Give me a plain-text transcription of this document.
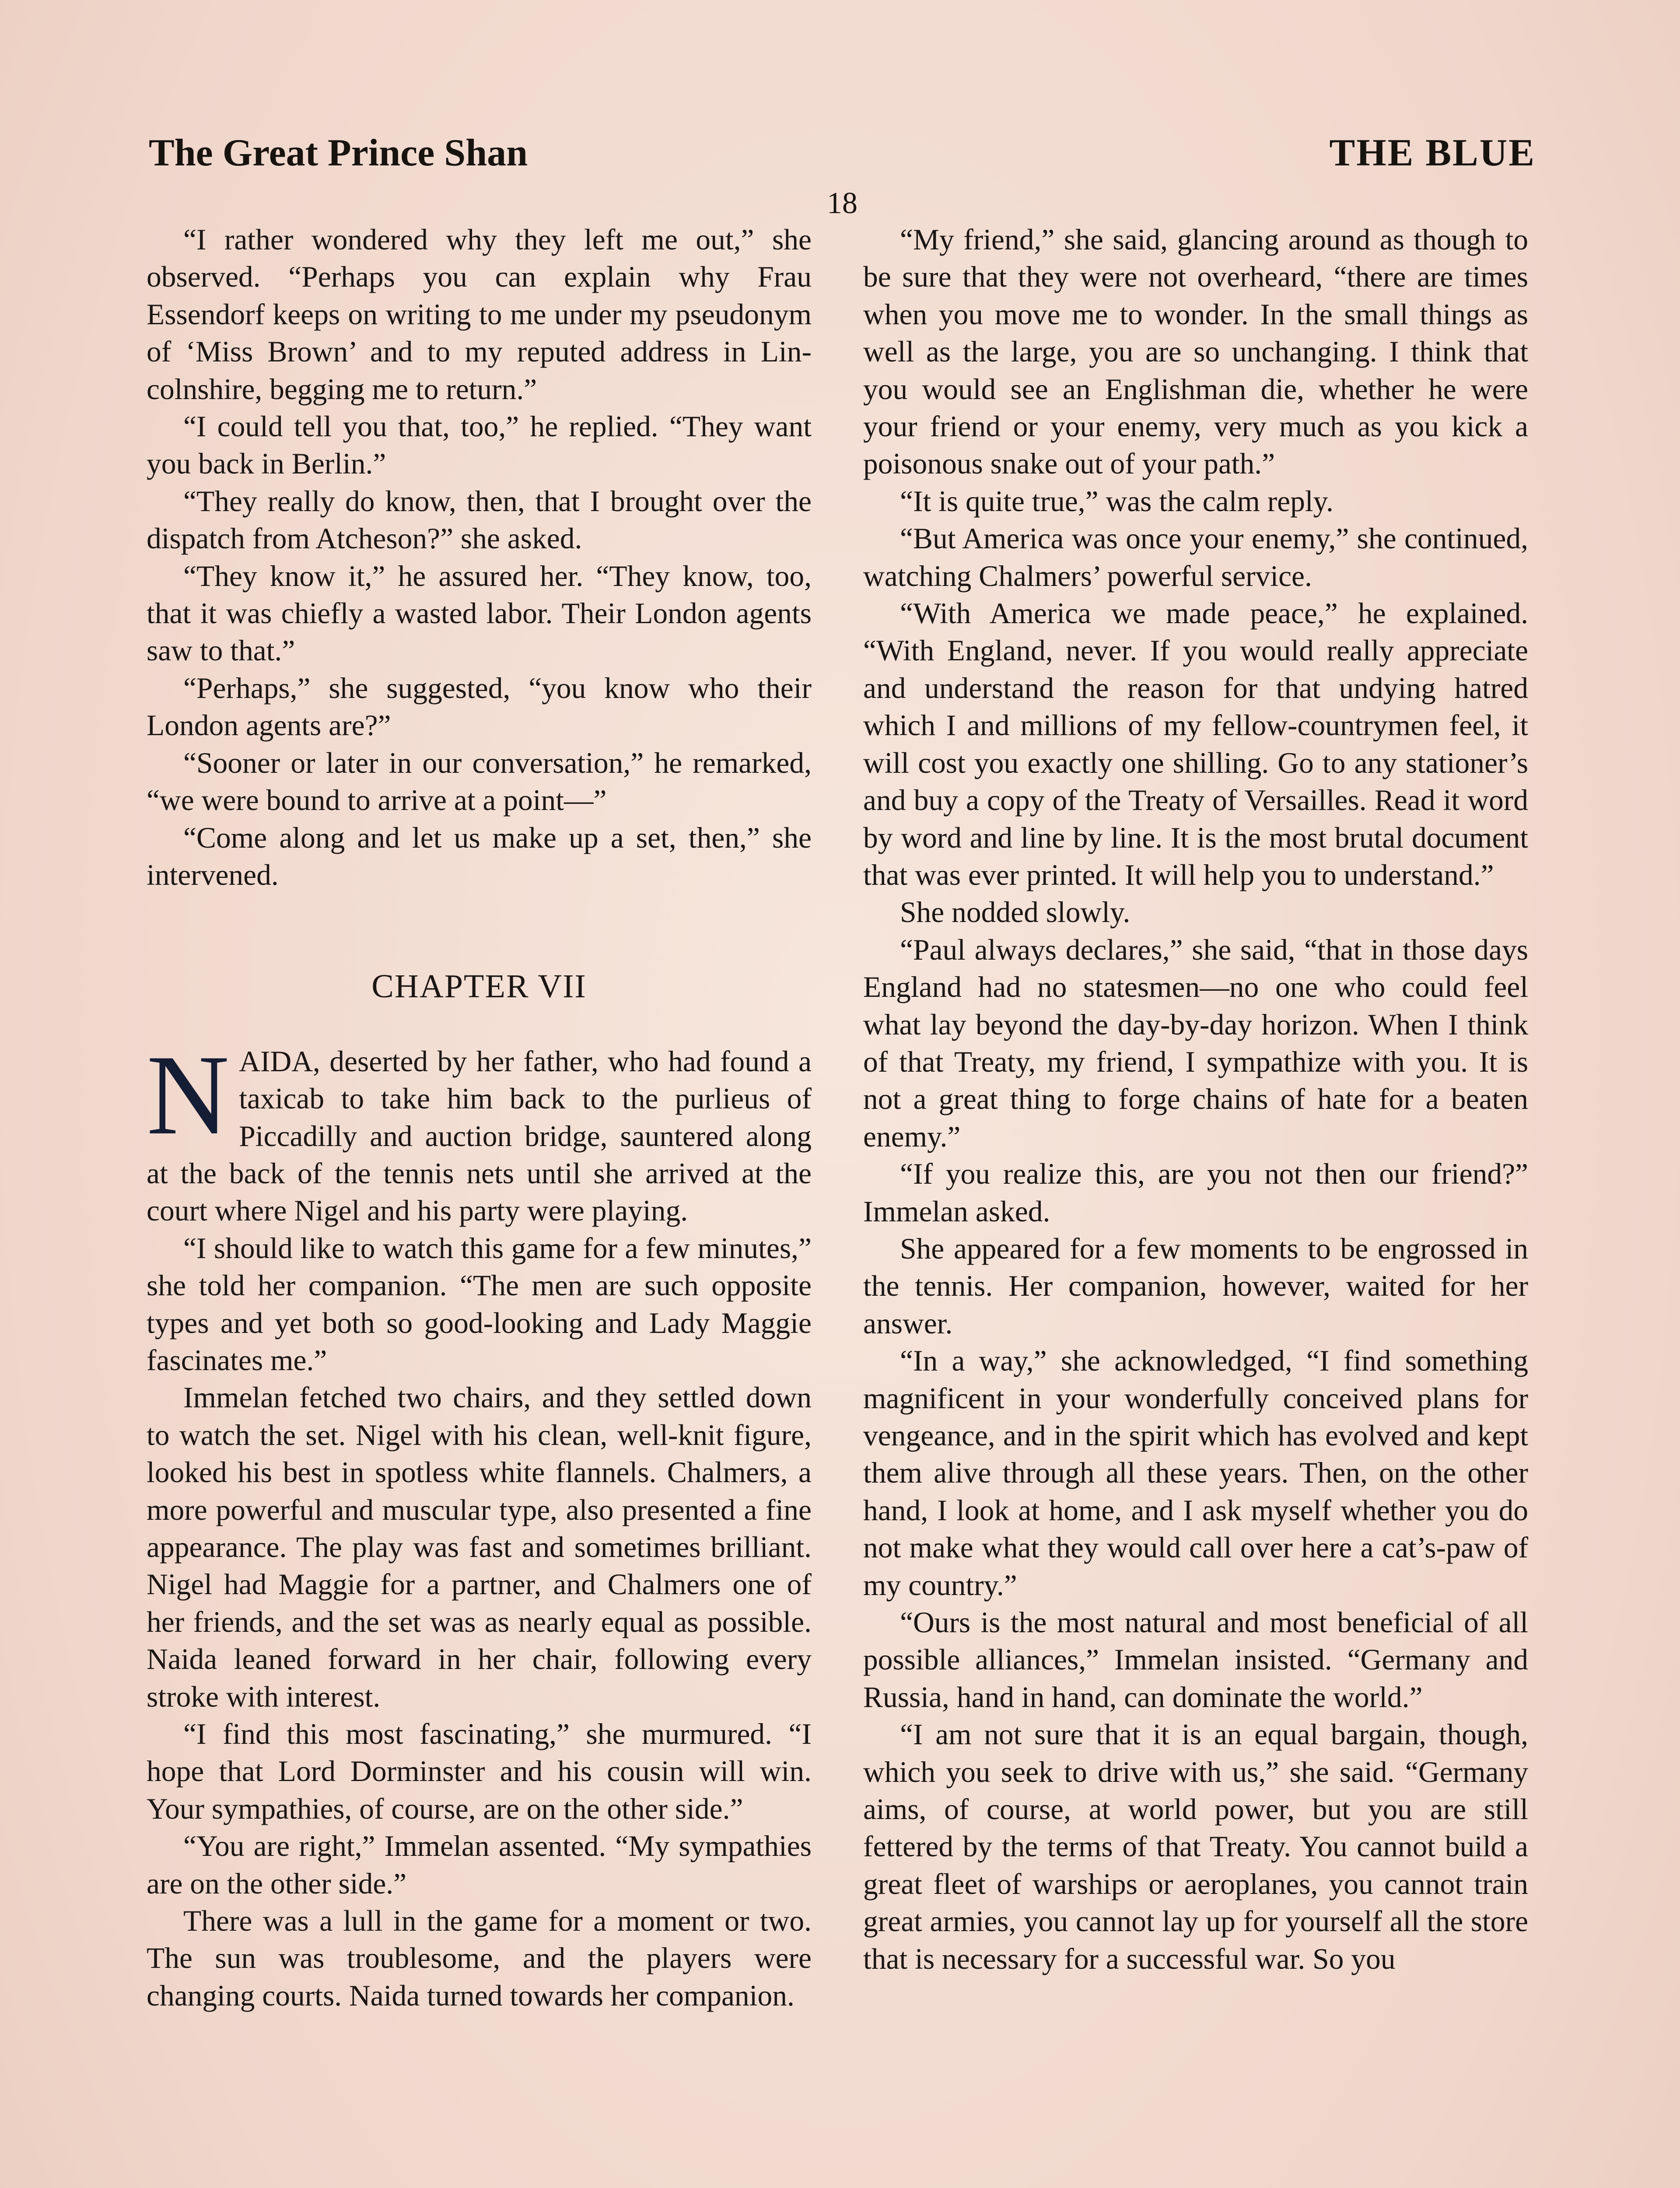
The Great Prince Shan
18
THE BLUE

“I rather wondered why they left me out,” she observed. “Perhaps you can explain why Frau Essendorf keeps on writing to me under my pseudonym of ‘Miss Brown’ and to my reputed address in Lincolnshire, begging me to return.”

“I could tell you that, too,” he replied. “They want you back in Berlin.”

“They really do know, then, that I brought over the dispatch from Atcheson?” she asked.

“They know it,” he assured her. “They know, too, that it was chiefly a wasted labor. Their London agents saw to that.”

“Perhaps,” she suggested, “you know who their London agents are?”

“Sooner or later in our conversation,” he remarked, “we were bound to arrive at a point—”

“Come along and let us make up a set, then,” she intervened.

CHAPTER VII

NAIDA, deserted by her father, who had found a taxicab to take him back to the purlieus of Piccadilly and auction bridge, sauntered along at the back of the tennis nets until she arrived at the court where Nigel and his party were playing.

“I should like to watch this game for a few minutes,” she told her companion. “The men are such opposite types and yet both so good-looking and Lady Maggie fascinates me.”

Immelan fetched two chairs, and they settled down to watch the set. Nigel with his clean, well-knit figure, looked his best in spotless white flannels. Chalmers, a more powerful and muscular type, also presented a fine appearance. The play was fast and sometimes brilliant. Nigel had Maggie for a partner, and Chalmers one of her friends, and the set was as nearly equal as possible. Naida leaned forward in her chair, following every stroke with interest.

“I find this most fascinating,” she murmured. “I hope that Lord Dorminster and his cousin will win. Your sympathies, of course, are on the other side.”

“You are right,” Immelan assented. “My sympathies are on the other side.”

There was a lull in the game for a moment or two. The sun was troublesome, and the players were changing courts. Naida turned towards her companion.

“My friend,” she said, glancing around as though to be sure that they were not overheard, “there are times when you move me to wonder. In the small things as well as the large, you are so unchanging. I think that you would see an Englishman die, whether he were your friend or your enemy, very much as you kick a poisonous snake out of your path.”

“It is quite true,” was the calm reply.

“But America was once your enemy,” she continued, watching Chalmers’ powerful service.

“With America we made peace,” he explained. “With England, never. If you would really appreciate and understand the reason for that undying hatred which I and millions of my fellow-countrymen feel, it will cost you exactly one shilling. Go to any stationer’s and buy a copy of the Treaty of Versailles. Read it word by word and line by line. It is the most brutal document that was ever printed. It will help you to understand.”

She nodded slowly.

“Paul always declares,” she said, “that in those days England had no statesmen—no one who could feel what lay beyond the day-by-day horizon. When I think of that Treaty, my friend, I sympathize with you. It is not a great thing to forge chains of hate for a beaten enemy.”

“If you realize this, are you not then our friend?” Immelan asked.

She appeared for a few moments to be engrossed in the tennis. Her companion, however, waited for her answer.

“In a way,” she acknowledged, “I find something magnificent in your wonderfully conceived plans for vengeance, and in the spirit which has evolved and kept them alive through all these years. Then, on the other hand, I look at home, and I ask myself whether you do not make what they would call over here a cat’s-paw of my country.”

“Ours is the most natural and most beneficial of all possible alliances,” Immelan insisted. “Germany and Russia, hand in hand, can dominate the world.”

“I am not sure that it is an equal bargain, though, which you seek to drive with us,” she said. “Germany aims, of course, at world power, but you are still fettered by the terms of that Treaty. You cannot build a great fleet of warships or aeroplanes, you cannot train great armies, you cannot lay up for yourself all the store that is necessary for a successful war. So you
